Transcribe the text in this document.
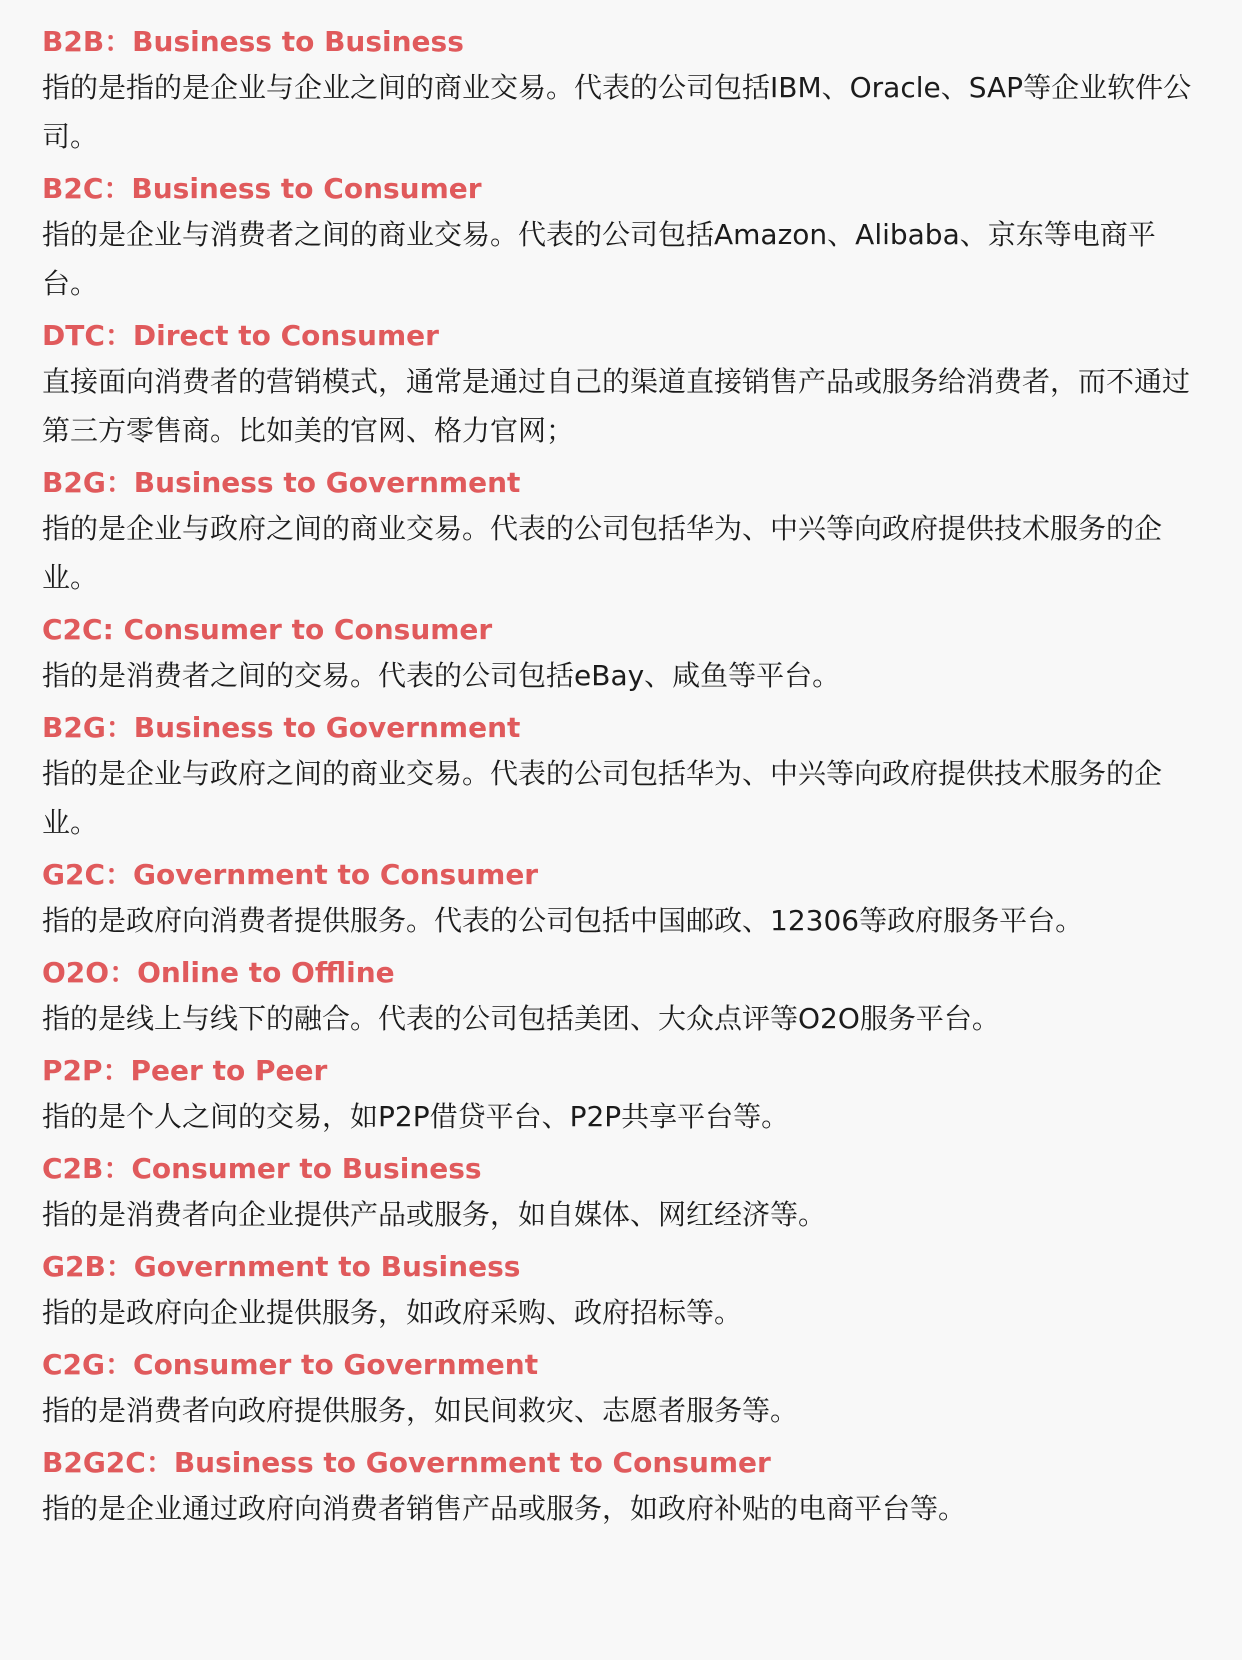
B2B：Business to Business

指的是指的是企业与企业之间的商业交易。代表的公司包括IBM、Oracle、SAP等企业软件公司。

B2C：Business to Consumer

指的是企业与消费者之间的商业交易。代表的公司包括Amazon、Alibaba、京东等电商平台。

DTC：Direct to Consumer

直接面向消费者的营销模式，通常是通过自己的渠道直接销售产品或服务给消费者，而不通过第三方零售商。比如美的官网、格力官网；

B2G：Business to Government

指的是企业与政府之间的商业交易。代表的公司包括华为、中兴等向政府提供技术服务的企业。

C2C: Consumer to Consumer

指的是消费者之间的交易。代表的公司包括eBay、咸鱼等平台。

B2G：Business to Government

指的是企业与政府之间的商业交易。代表的公司包括华为、中兴等向政府提供技术服务的企业。

G2C：Government to Consumer

指的是政府向消费者提供服务。代表的公司包括中国邮政、12306等政府服务平台。

O2O：Online to Offline

指的是线上与线下的融合。代表的公司包括美团、大众点评等O2O服务平台。

P2P：Peer to Peer

指的是个人之间的交易，如P2P借贷平台、P2P共享平台等。

C2B：Consumer to Business

指的是消费者向企业提供产品或服务，如自媒体、网红经济等。

G2B：Government to Business

指的是政府向企业提供服务，如政府采购、政府招标等。

C2G：Consumer to Government

指的是消费者向政府提供服务，如民间救灾、志愿者服务等。

B2G2C：Business to Government to Consumer

指的是企业通过政府向消费者销售产品或服务，如政府补贴的电商平台等。
